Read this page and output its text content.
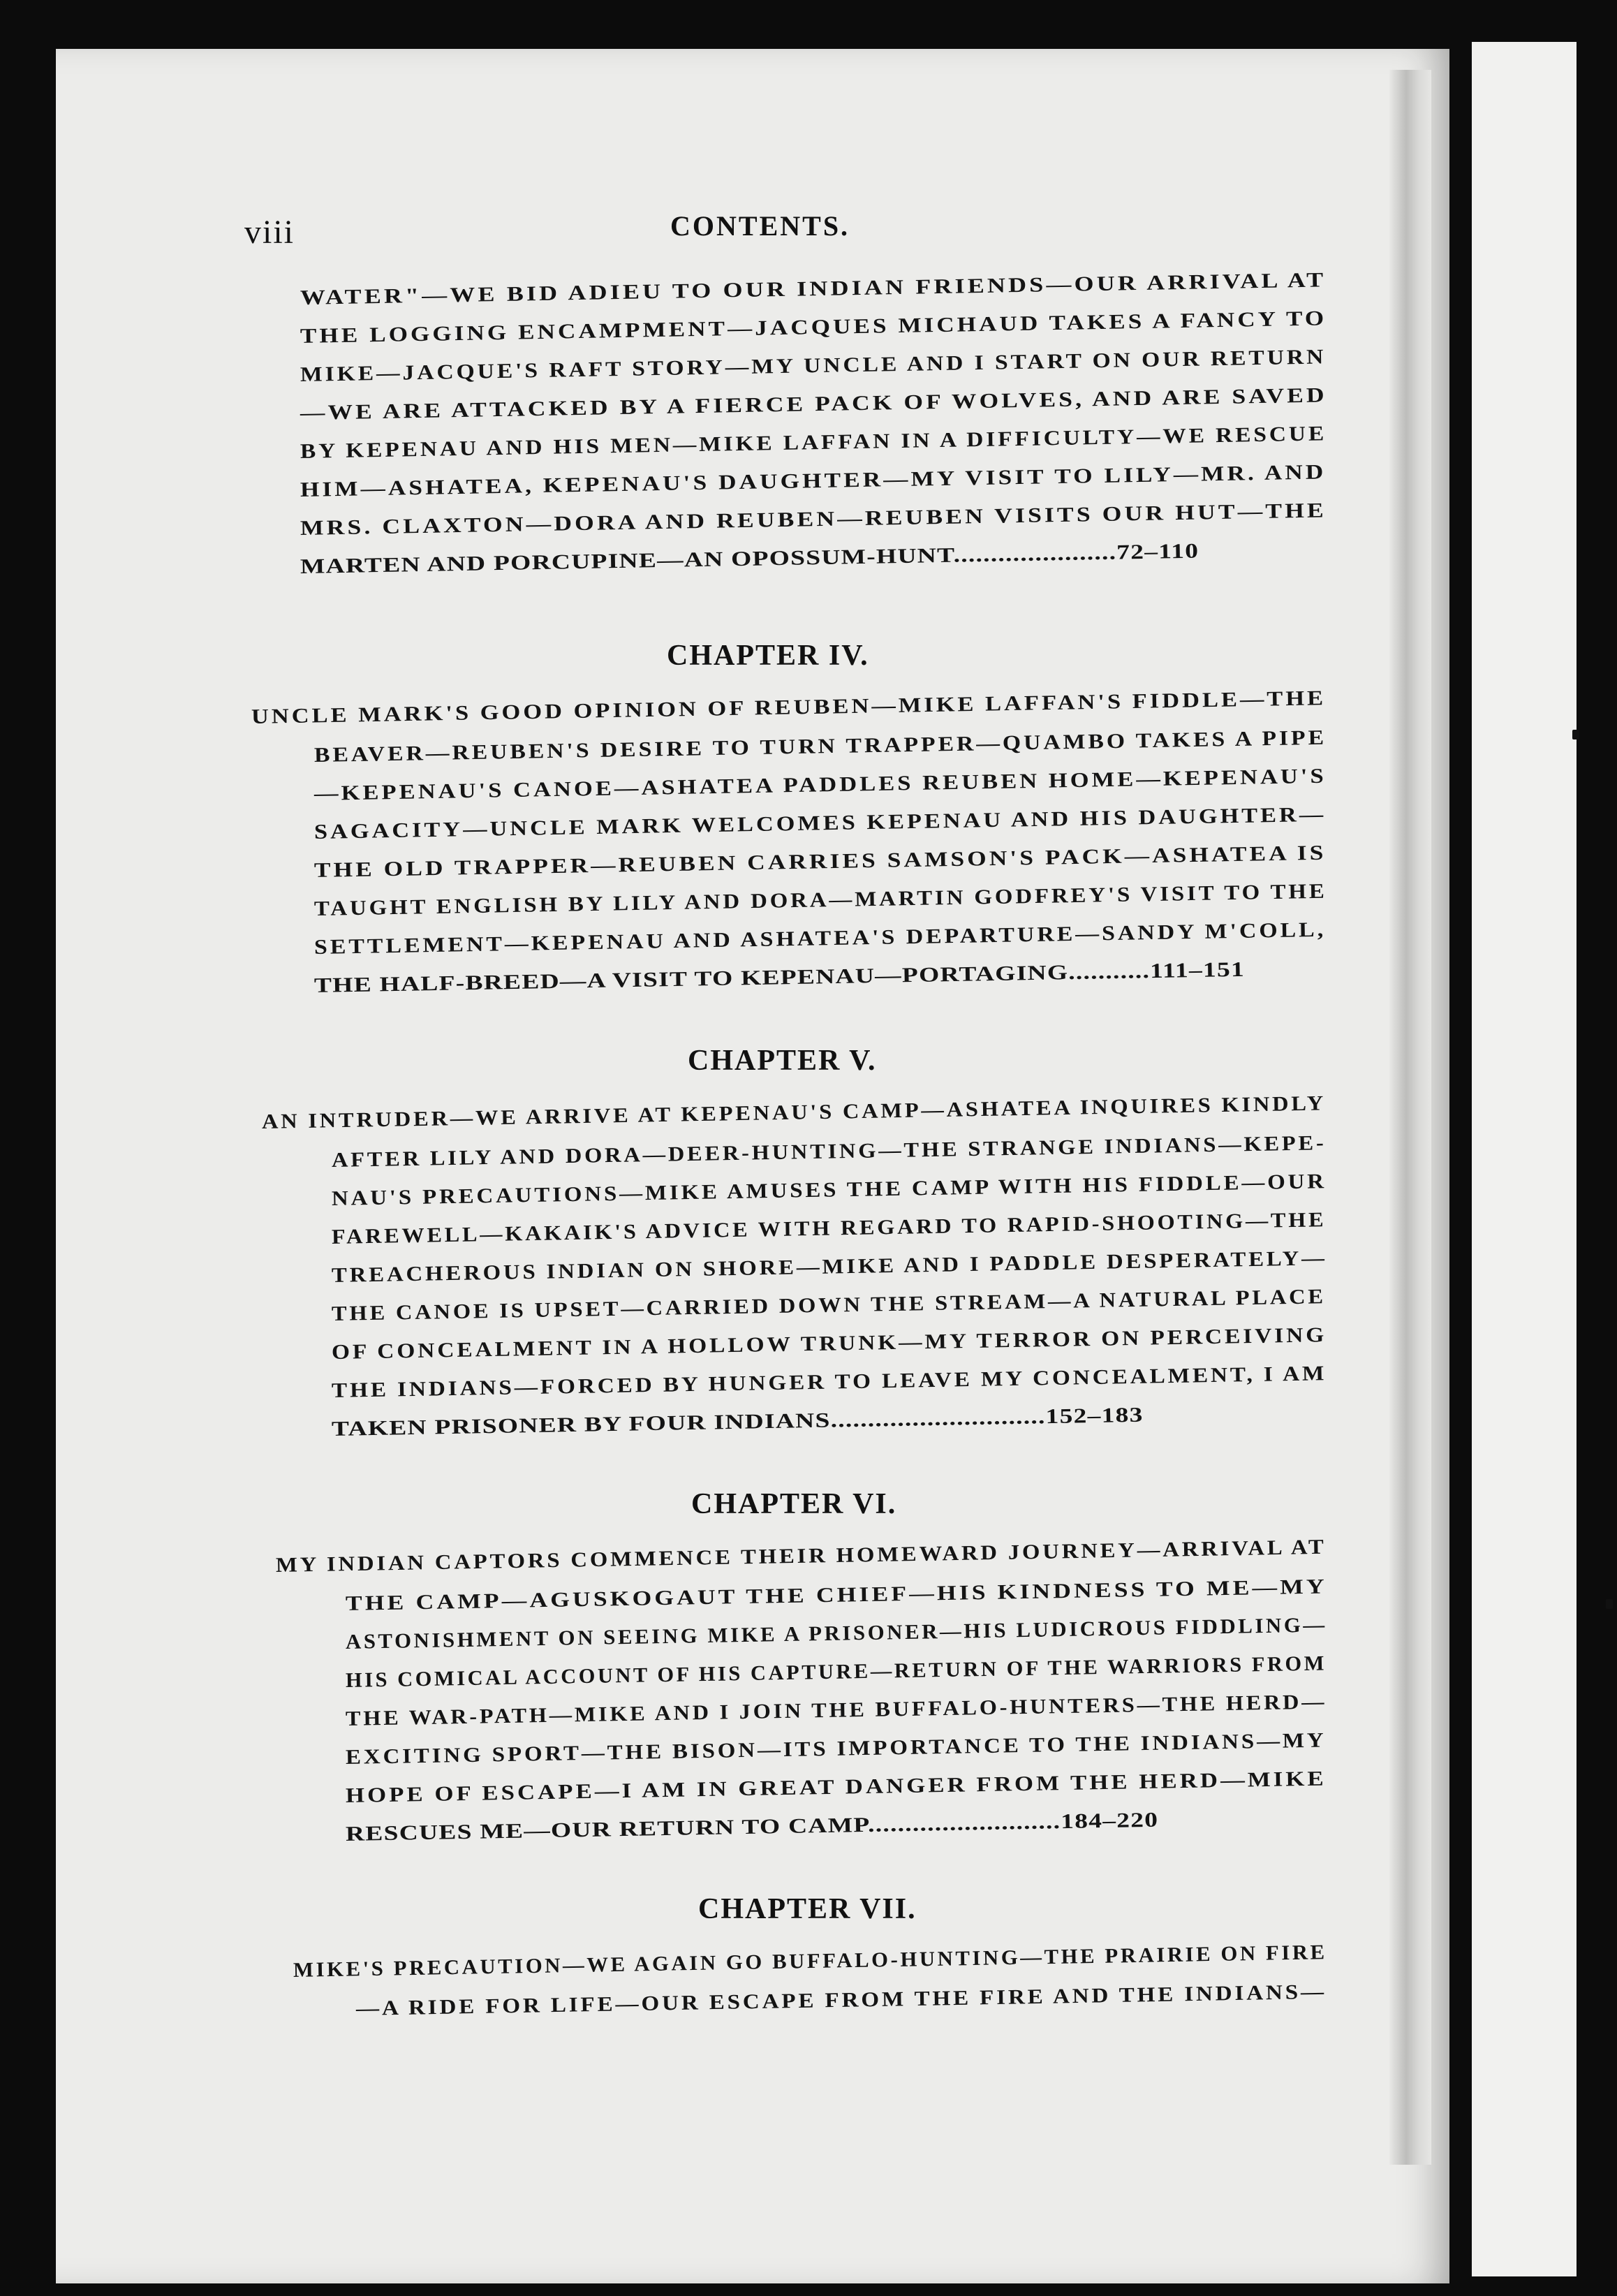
viii	CONTENTS.
WATER"—WE BID ADIEU TO OUR INDIAN FRIENDS—OUR ARRIVAL AT
THE LOGGING ENCAMPMENT—JACQUES MICHAUD TAKES A FANCY TO
MIKE—JACQUE'S RAFT STORY—MY UNCLE AND I START ON OUR RETURN
—WE ARE ATTACKED BY A FIERCE PACK OF WOLVES, AND ARE SAVED
BY KEPENAU AND HIS MEN—MIKE LAFFAN IN A DIFFICULTY—WE RESCUE
HIM—ASHATEA, KEPENAU'S DAUGHTER—MY VISIT TO LILY—MR. AND
MRS. CLAXTON—DORA AND REUBEN—REUBEN VISITS OUR HUT—THE
MARTEN AND PORCUPINE—AN OPOSSUM-HUNT......................72–110
CHAPTER IV.
UNCLE MARK'S GOOD OPINION OF REUBEN—MIKE LAFFAN'S FIDDLE—THE
BEAVER—REUBEN'S DESIRE TO TURN TRAPPER—QUAMBO TAKES A PIPE
—KEPENAU'S CANOE—ASHATEA PADDLES REUBEN HOME—KEPENAU'S
SAGACITY—UNCLE MARK WELCOMES KEPENAU AND HIS DAUGHTER—
THE OLD TRAPPER—REUBEN CARRIES SAMSON'S PACK—ASHATEA IS
TAUGHT ENGLISH BY LILY AND DORA—MARTIN GODFREY'S VISIT TO THE
SETTLEMENT—KEPENAU AND ASHATEA'S DEPARTURE—SANDY M'COLL,
THE HALF-BREED—A VISIT TO KEPENAU—PORTAGING...........111–151
CHAPTER V.
AN INTRUDER—WE ARRIVE AT KEPENAU'S CAMP—ASHATEA INQUIRES KINDLY
AFTER LILY AND DORA—DEER-HUNTING—THE STRANGE INDIANS—KEPE-
NAU'S PRECAUTIONS—MIKE AMUSES THE CAMP WITH HIS FIDDLE—OUR
FAREWELL—KAKAIK'S ADVICE WITH REGARD TO RAPID-SHOOTING—THE
TREACHEROUS INDIAN ON SHORE—MIKE AND I PADDLE DESPERATELY—
THE CANOE IS UPSET—CARRIED DOWN THE STREAM—A NATURAL PLACE
OF CONCEALMENT IN A HOLLOW TRUNK—MY TERROR ON PERCEIVING
THE INDIANS—FORCED BY HUNGER TO LEAVE MY CONCEALMENT, I AM
TAKEN PRISONER BY FOUR INDIANS.............................152–183
CHAPTER VI.
MY INDIAN CAPTORS COMMENCE THEIR HOMEWARD JOURNEY—ARRIVAL AT
THE CAMP—AGUSKOGAUT THE CHIEF—HIS KINDNESS TO ME—MY
ASTONISHMENT ON SEEING MIKE A PRISONER—HIS LUDICROUS FIDDLING—
HIS COMICAL ACCOUNT OF HIS CAPTURE—RETURN OF THE WARRIORS FROM
THE WAR-PATH—MIKE AND I JOIN THE BUFFALO-HUNTERS—THE HERD—
EXCITING SPORT—THE BISON—ITS IMPORTANCE TO THE INDIANS—MY
HOPE OF ESCAPE—I AM IN GREAT DANGER FROM THE HERD—MIKE
RESCUES ME—OUR RETURN TO CAMP..........................184–220
CHAPTER VII.
MIKE'S PRECAUTION—WE AGAIN GO BUFFALO-HUNTING—THE PRAIRIE ON FIRE
—A RIDE FOR LIFE—OUR ESCAPE FROM THE FIRE AND THE INDIANS—
